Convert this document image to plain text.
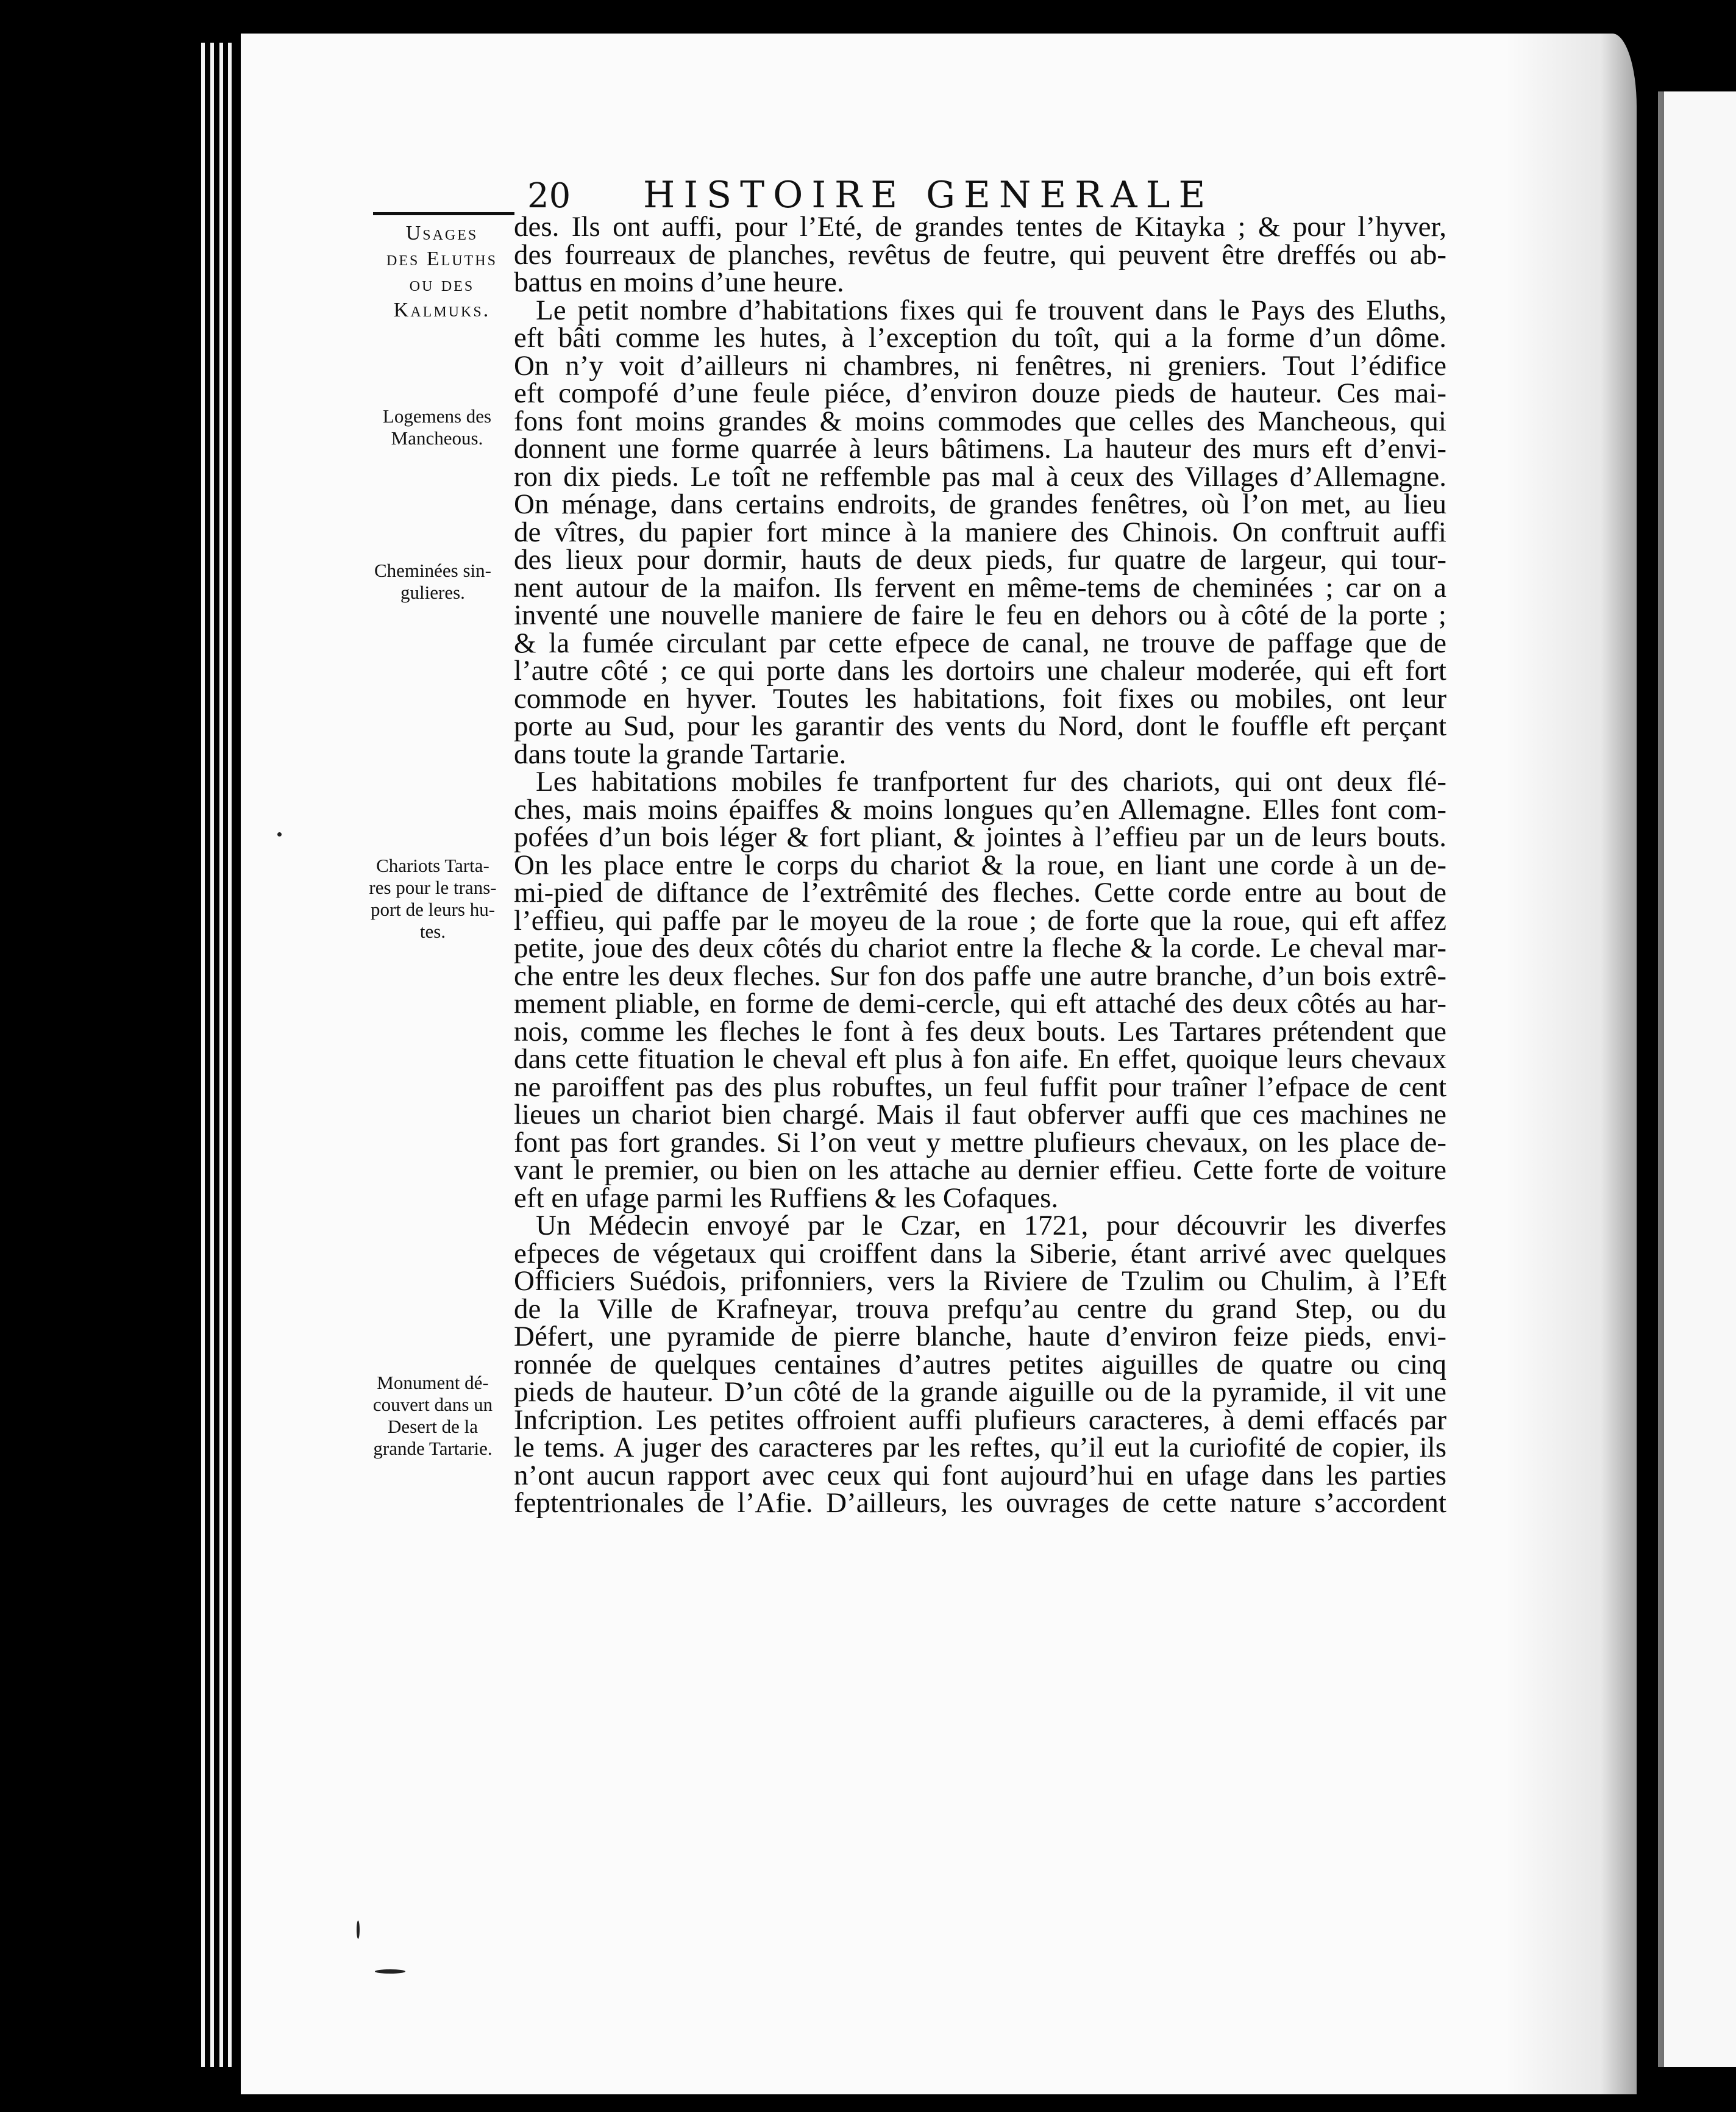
20 HISTOIRE GENERALE
Usages
des Eluths
ou des
Kalmuks.
Logemens des
Mancheous.
Cheminées sin-
gulieres.
Chariots Tarta-
res pour le trans-
port de leurs hu-
tes.
Monument dé-
couvert dans un
Desert de la
grande Tartarie.
des. Ils ont auffi, pour l’Eté, de grandes tentes de Kitayka ; & pour l’hyver,
des fourreaux de planches, revêtus de feutre, qui peuvent être dreffés ou ab-
battus en moins d’une heure.
Le petit nombre d’habitations fixes qui fe trouvent dans le Pays des Eluths,
eft bâti comme les hutes, à l’exception du toît, qui a la forme d’un dôme.
On n’y voit d’ailleurs ni chambres, ni fenêtres, ni greniers. Tout l’édifice
eft compofé d’une feule piéce, d’environ douze pieds de hauteur. Ces mai-
fons font moins grandes & moins commodes que celles des Mancheous, qui
donnent une forme quarrée à leurs bâtimens. La hauteur des murs eft d’envi-
ron dix pieds. Le toît ne reffemble pas mal à ceux des Villages d’Allemagne.
On ménage, dans certains endroits, de grandes fenêtres, où l’on met, au lieu
de vîtres, du papier fort mince à la maniere des Chinois. On conftruit auffi
des lieux pour dormir, hauts de deux pieds, fur quatre de largeur, qui tour-
nent autour de la maifon. Ils fervent en même-tems de cheminées ; car on a
inventé une nouvelle maniere de faire le feu en dehors ou à côté de la porte ;
& la fumée circulant par cette efpece de canal, ne trouve de paffage que de
l’autre côté ; ce qui porte dans les dortoirs une chaleur moderée, qui eft fort
commode en hyver. Toutes les habitations, foit fixes ou mobiles, ont leur
porte au Sud, pour les garantir des vents du Nord, dont le fouffle eft perçant
dans toute la grande Tartarie.
Les habitations mobiles fe tranfportent fur des chariots, qui ont deux flé-
ches, mais moins épaiffes & moins longues qu’en Allemagne. Elles font com-
pofées d’un bois léger & fort pliant, & jointes à l’effieu par un de leurs bouts.
On les place entre le corps du chariot & la roue, en liant une corde à un de-
mi-pied de diftance de l’extrêmité des fleches. Cette corde entre au bout de
l’effieu, qui paffe par le moyeu de la roue ; de forte que la roue, qui eft affez
petite, joue des deux côtés du chariot entre la fleche & la corde. Le cheval mar-
che entre les deux fleches. Sur fon dos paffe une autre branche, d’un bois extrê-
mement pliable, en forme de demi-cercle, qui eft attaché des deux côtés au har-
nois, comme les fleches le font à fes deux bouts. Les Tartares prétendent que
dans cette fituation le cheval eft plus à fon aife. En effet, quoique leurs chevaux
ne paroiffent pas des plus robuftes, un feul fuffit pour traîner l’efpace de cent
lieues un chariot bien chargé. Mais il faut obferver auffi que ces machines ne
font pas fort grandes. Si l’on veut y mettre plufieurs chevaux, on les place de-
vant le premier, ou bien on les attache au dernier effieu. Cette forte de voiture
eft en ufage parmi les Ruffiens & les Cofaques.
Un Médecin envoyé par le Czar, en 1721, pour découvrir les diverfes
efpeces de végetaux qui croiffent dans la Siberie, étant arrivé avec quelques
Officiers Suédois, prifonniers, vers la Riviere de Tzulim ou Chulim, à l’Eft
de la Ville de Krafneyar, trouva prefqu’au centre du grand Step, ou du
Défert, une pyramide de pierre blanche, haute d’environ feize pieds, envi-
ronnée de quelques centaines d’autres petites aiguilles de quatre ou cinq
pieds de hauteur. D’un côté de la grande aiguille ou de la pyramide, il vit une
Infcription. Les petites offroient auffi plufieurs caracteres, à demi effacés par
le tems. A juger des caracteres par les reftes, qu’il eut la curiofité de copier, ils
n’ont aucun rapport avec ceux qui font aujourd’hui en ufage dans les parties
feptentrionales de l’Afie. D’ailleurs, les ouvrages de cette nature s’accordent
